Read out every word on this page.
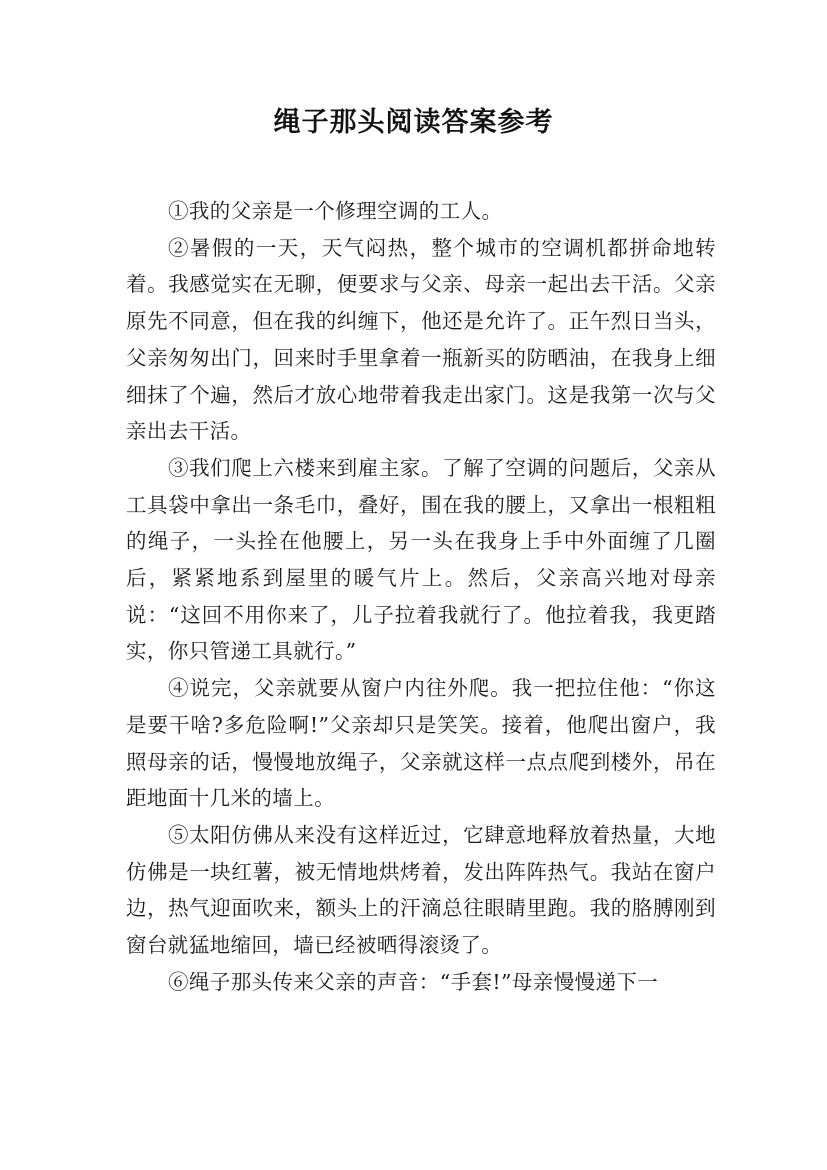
绳子那头阅读答案参考

①我的父亲是一个修理空调的工人。

②暑假的一天，天气闷热，整个城市的空调机都拼命地转着。我感觉实在无聊，便要求与父亲、母亲一起出去干活。父亲原先不同意，但在我的纠缠下，他还是允许了。正午烈日当头，父亲匆匆出门，回来时手里拿着一瓶新买的防晒油，在我身上细细抹了个遍，然后才放心地带着我走出家门。这是我第一次与父亲出去干活。

③我们爬上六楼来到雇主家。了解了空调的问题后，父亲从工具袋中拿出一条毛巾，叠好，围在我的腰上，又拿出一根粗粗的绳子，一头拴在他腰上，另一头在我身上手中外面缠了几圈后，紧紧地系到屋里的暖气片上。然后，父亲高兴地对母亲说：“这回不用你来了，儿子拉着我就行了。他拉着我，我更踏实，你只管递工具就行。”

④说完，父亲就要从窗户内往外爬。我一把拉住他：“你这是要干啥?多危险啊!”父亲却只是笑笑。接着，他爬出窗户，我照母亲的话，慢慢地放绳子，父亲就这样一点点爬到楼外，吊在距地面十几米的墙上。

⑤太阳仿佛从来没有这样近过，它肆意地释放着热量，大地仿佛是一块红薯，被无情地烘烤着，发出阵阵热气。我站在窗户边，热气迎面吹来，额头上的汗滴总往眼睛里跑。我的胳膊刚到窗台就猛地缩回，墙已经被晒得滚烫了。

⑥绳子那头传来父亲的声音：“手套!”母亲慢慢递下一
